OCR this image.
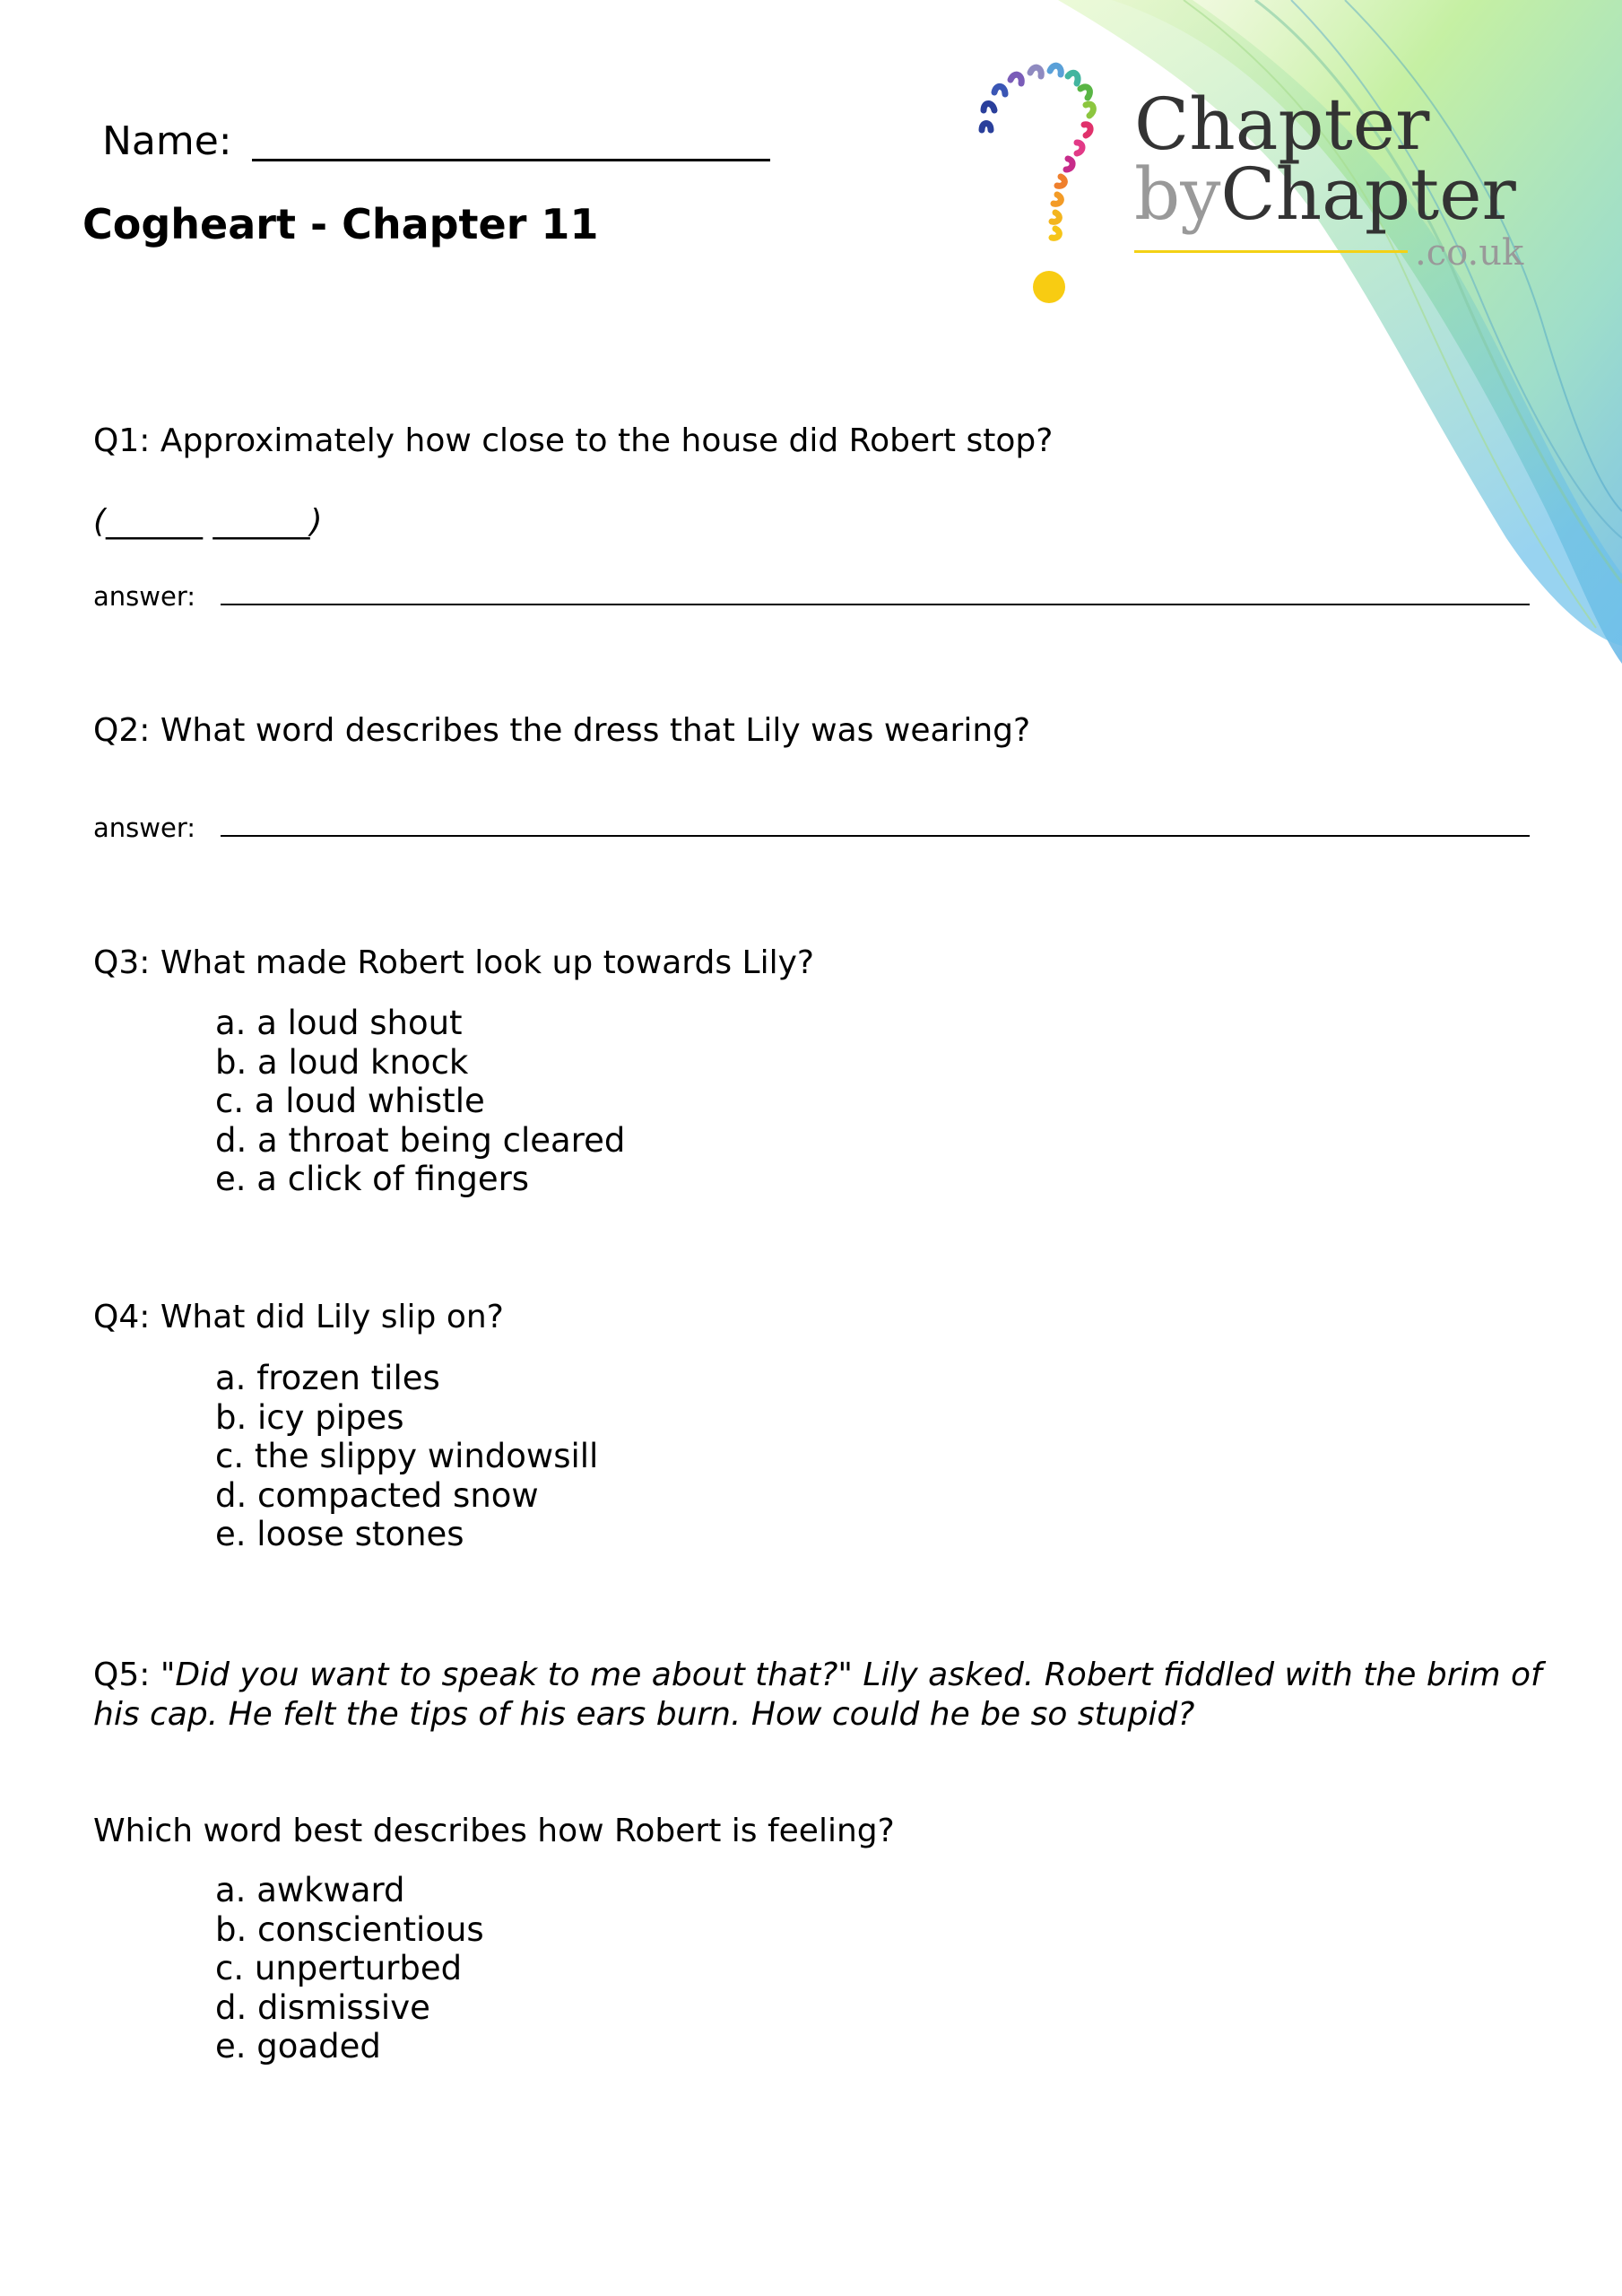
Chapter
byChapter
.co.uk
Name:
Cogheart - Chapter 11
Q1: Approximately how close to the house did Robert stop?
(______ ______)
answer:
Q2: What word describes the dress that Lily was wearing?
answer:
Q3: What made Robert look up towards Lily?
a. a loud shout
b. a loud knock
c. a loud whistle
d. a throat being cleared
e. a click of fingers
Q4: What did Lily slip on?
a. frozen tiles
b. icy pipes
c. the slippy windowsill
d. compacted snow
e. loose stones
Q5: "Did you want to speak to me about that?" Lily asked. Robert fiddled with the brim of his cap. He felt the tips of his ears burn. How could he be so stupid?
Which word best describes how Robert is feeling?
a. awkward
b. conscientious
c. unperturbed
d. dismissive
e. goaded
